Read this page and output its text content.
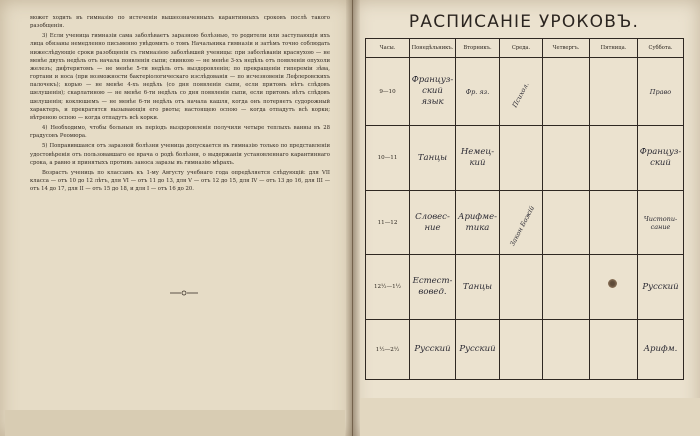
может ходить въ гимназію по истеченіи вышеозначенныхъ карантинныхъ сроковъ послѣ такого разобщенія.

3) Если ученица гимназіи сама заболѣваетъ заразною болѣзнью, то родители или заступающія ихъ лица обязаны немедленно письменно увѣдомить о томъ Начальника гимназіи и затѣмъ точно соблюдать нижеслѣдующіе сроки разобщенія съ гимназіею заболѣвшей ученицы: при заболѣваніи краснухою — не менѣе двухъ недѣль отъ начала появленія сыпи; свинкою — не менѣе 3-хъ недѣль отъ появленія опухоли железъ; дифтеритомъ — не менѣе 5-ти недѣль отъ выздоровленія; по прекращеніи гипереміи зѣва, гортани и носа (при возможности бактеріологическаго изслѣдованія — по исчезновеніи Лефлеровскихъ палочекъ); корью — не менѣе 4-хъ недѣль (со дня появленія сыпи, если притомъ нѣтъ слѣдовъ шелушенія); скарлатиною — не менѣе 6-ти недѣль со дня появленія сыпи, если притомъ нѣтъ слѣдовъ шелушенія; коклюшемъ — не менѣе 6-ти недѣль отъ начала кашля, когда онъ потеряетъ судорожный характеръ, и прекратятся вызывающія его рвоты; настоящею оспою — когда отпадутъ всѣ корки; вѣтреною оспою — когда отпадутъ всѣ корки.

4) Необходимо, чтобы больныя въ періодъ выздоровленія получили четыре теплыхъ ванны въ 28 градусовъ Реомюра.

5) Поправившаяся отъ заразной болѣзни ученица допускается въ гимназію только по представленіи удостовѣренія отъ пользовавшаго ее врача о родѣ болѣзни, о выдержаніи установленнаго карантиннаго срока, а равно и принятыхъ противъ заноса заразы въ гимназію мѣрахъ.

Возрастъ учениць по классамъ къ 1-му Августу учебнаго года опредѣляется слѣдующій: для VII класса — отъ 10 до 12 лѣтъ, для VI — отъ 11 до 13, для V — отъ 12 до 15, для IV — отъ 13 до 16, для III — отъ 14 до 17, для II — отъ 15 до 18, и для I — отъ 16 до 20.

РАСПИСАНІЕ УРОКОВЪ.
Часы.	Понедѣльникъ.	Вторникъ.	Среда.	Четвергъ.	Пятница.	Суббота.
9—10	Француз-ский язык	Фр. яз.	Психол.			Право

10—11	Танцы	Немец-кий				Француз-ский

11—12	Словес-ние	Арифме-тика	Закон Божій			Чистопи-сание

12½—1½	Естест-вовед.	Танцы				Русский

1½—2½	Русский	Русский				Арифм.
